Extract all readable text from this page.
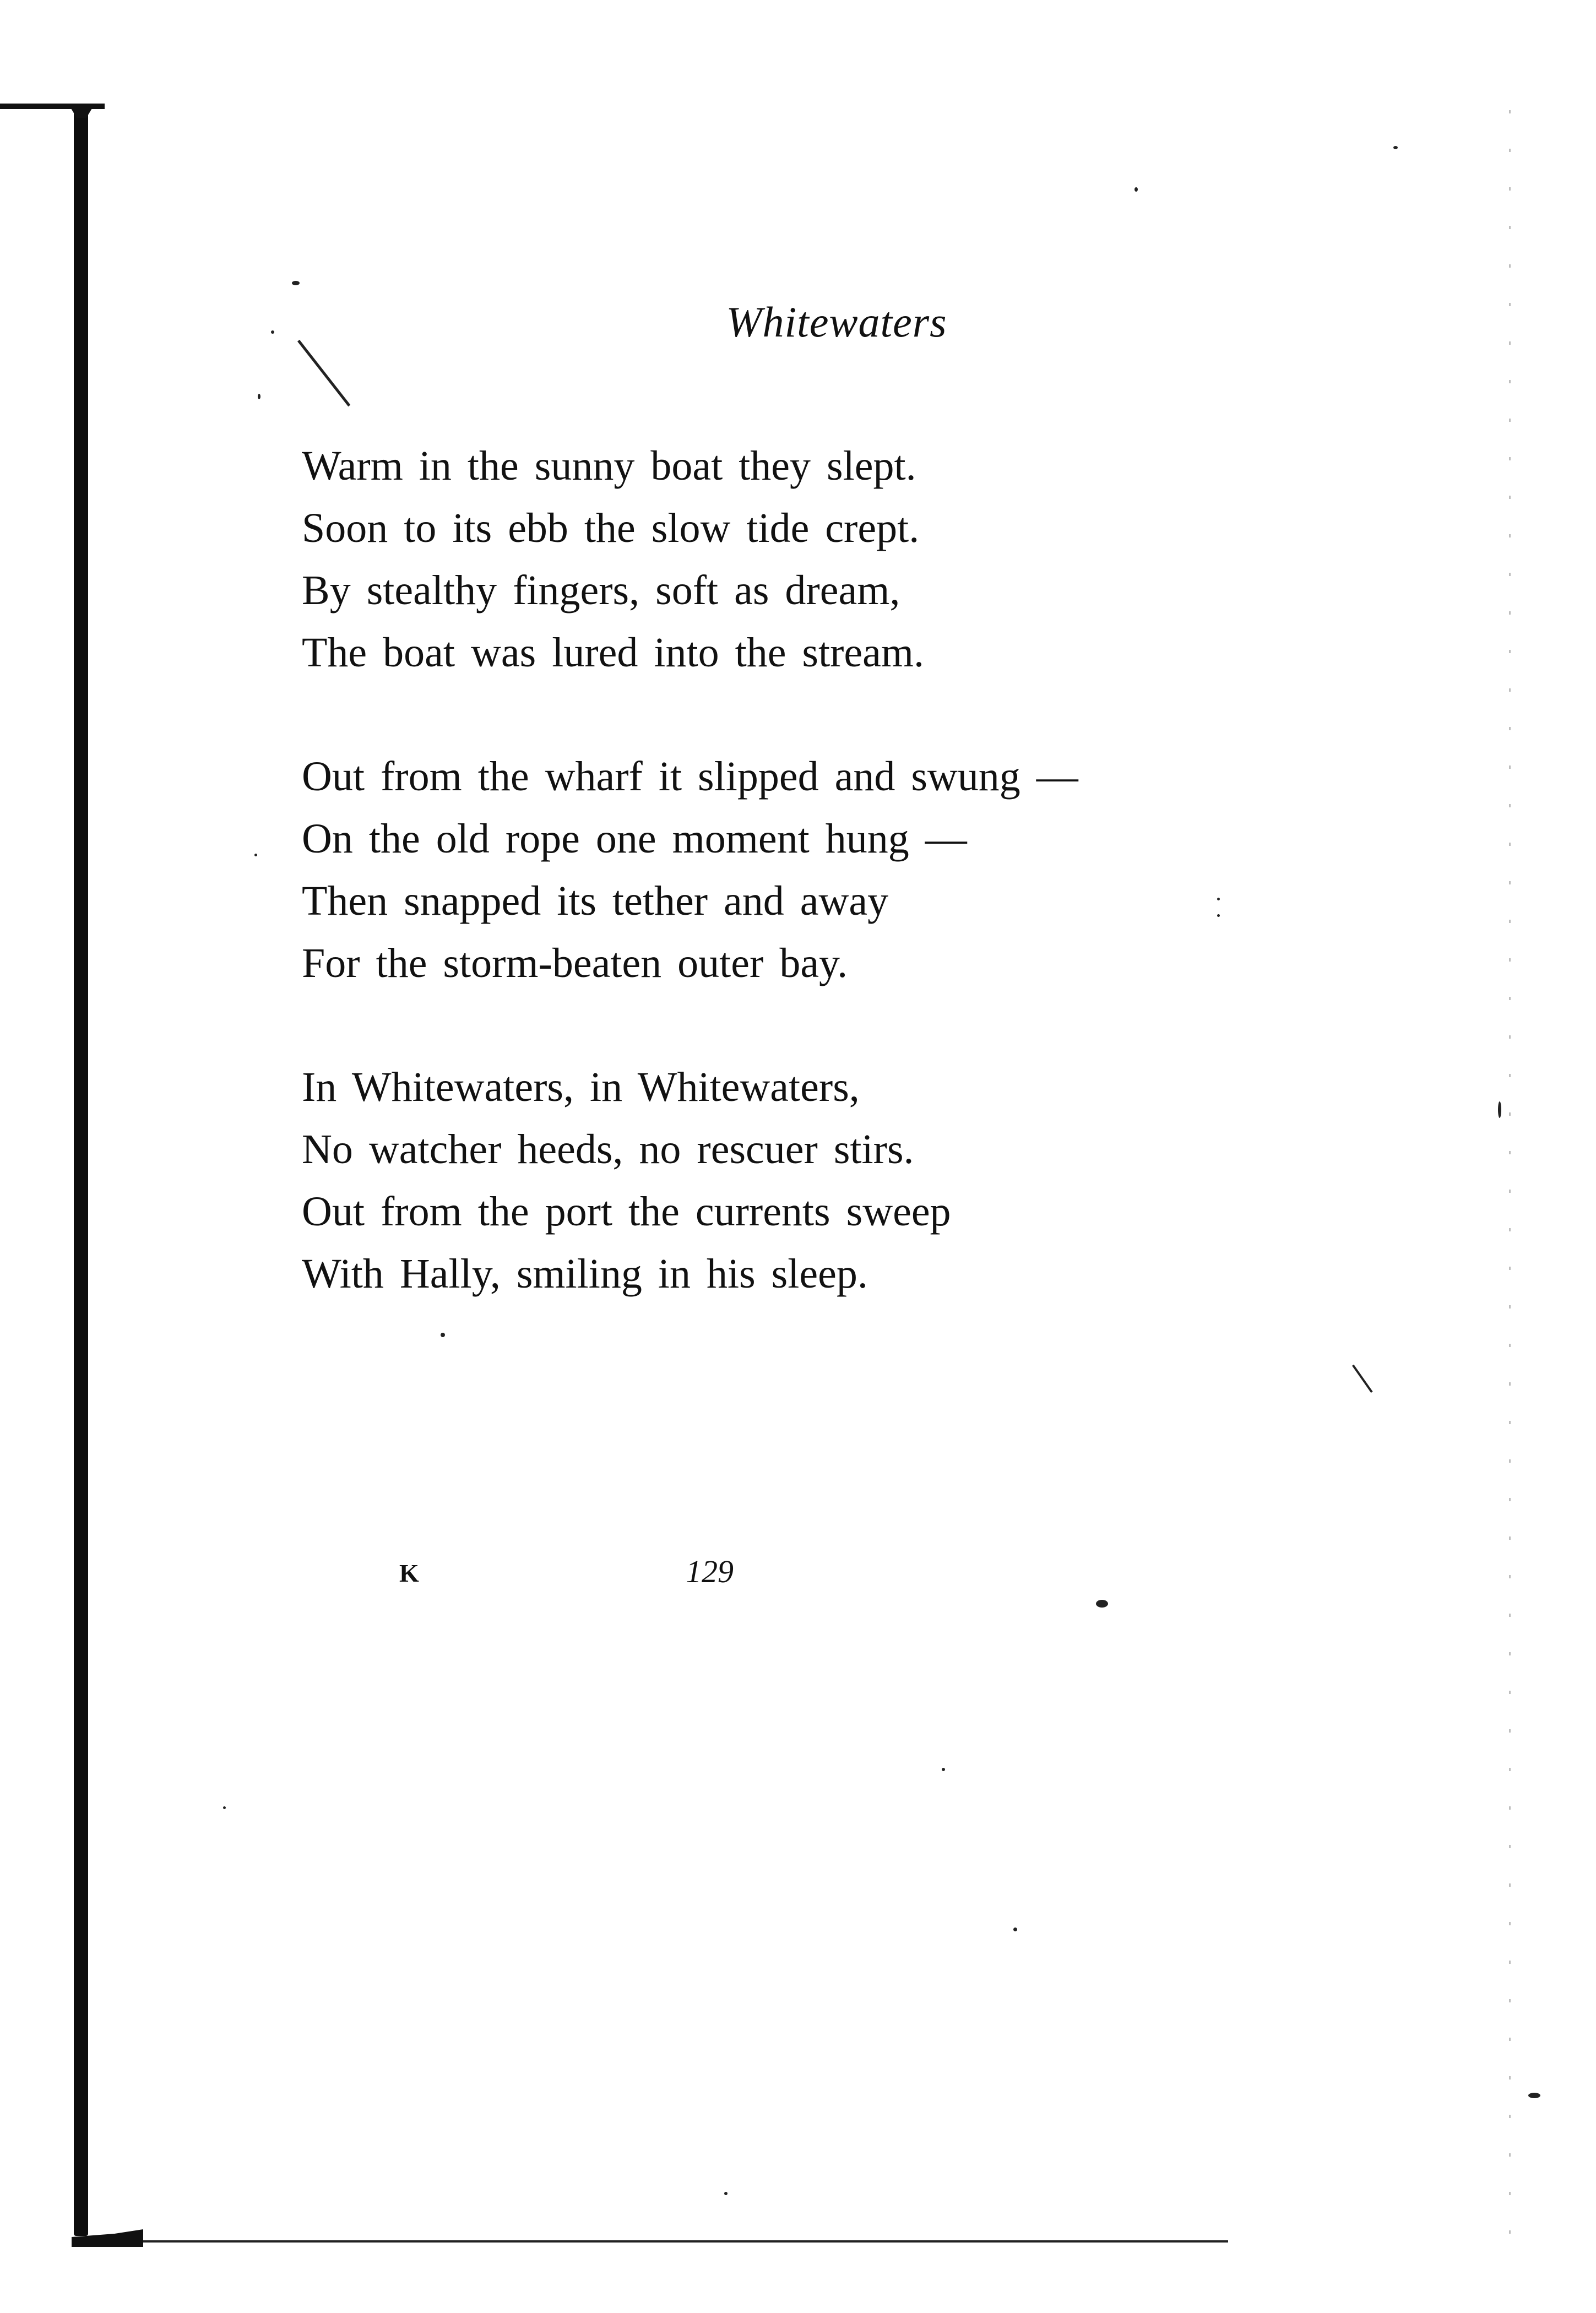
Whitewaters
Warm in the sunny boat they slept.
Soon to its ebb the slow tide crept.
By stealthy fingers, soft as dream,
The boat was lured into the stream.
Out from the wharf it slipped and swung —
On the old rope one moment hung —
Then snapped its tether and away
For the storm-beaten outer bay.
In Whitewaters, in Whitewaters,
No watcher heeds, no rescuer stirs.
Out from the port the currents sweep
With Hally, smiling in his sleep.
K	129
